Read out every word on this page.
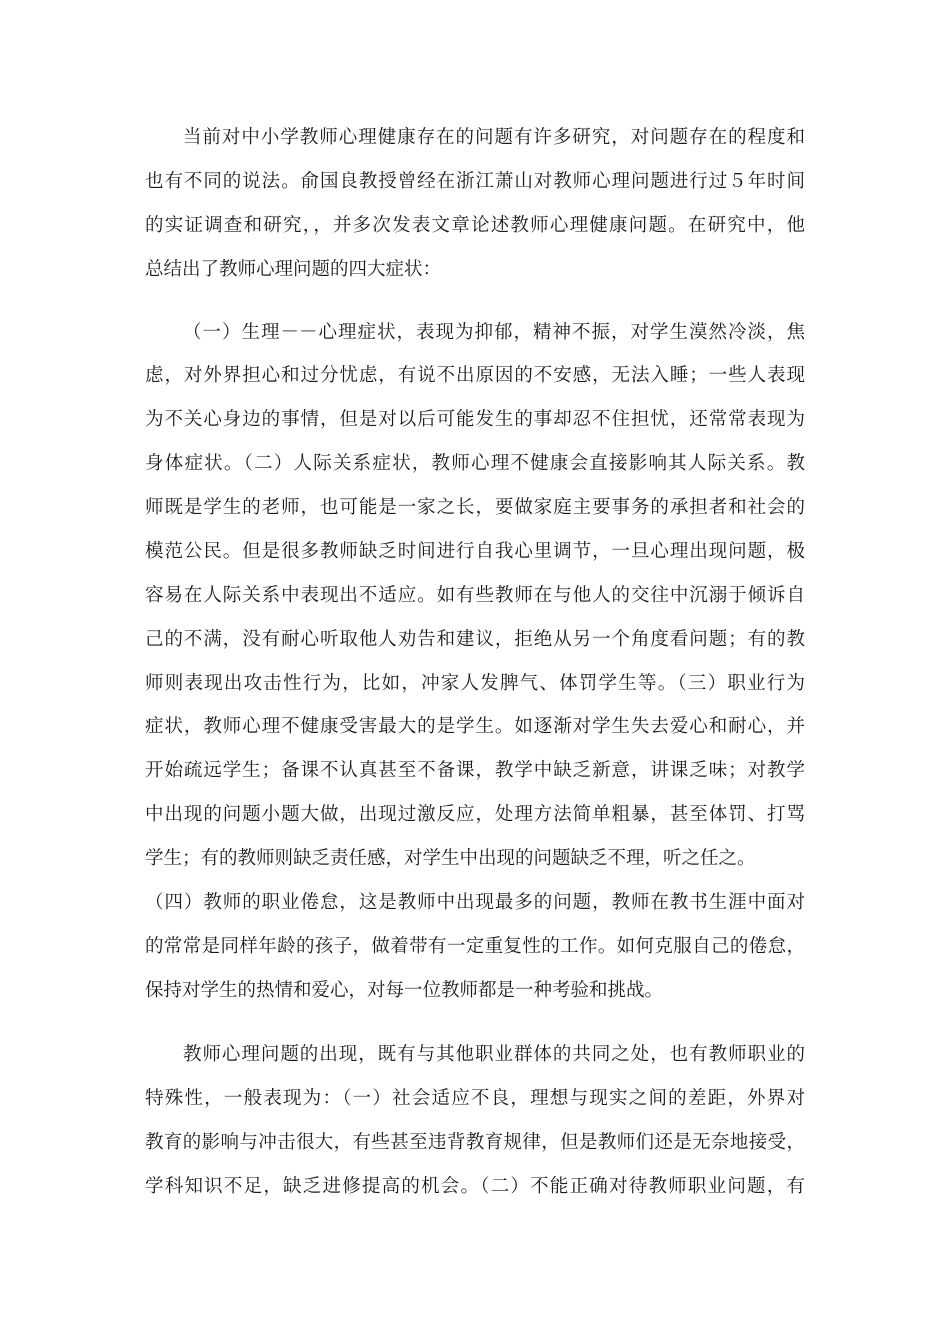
当前对中小学教师心理健康存在的问题有许多研究，对问题存在的程度和
也有不同的说法。俞国良教授曾经在浙江萧山对教师心理问题进行过５年时间
的实证调查和研究，，并多次发表文章论述教师心理健康问题。在研究中，他
总结出了教师心理问题的四大症状：
（一）生理－－心理症状，表现为抑郁，精神不振，对学生漠然冷淡，焦
虑，对外界担心和过分忧虑，有说不出原因的不安感，无法入睡；一些人表现
为不关心身边的事情，但是对以后可能发生的事却忍不住担忧，还常常表现为
身体症状。（二）人际关系症状，教师心理不健康会直接影响其人际关系。教
师既是学生的老师，也可能是一家之长，要做家庭主要事务的承担者和社会的
模范公民。但是很多教师缺乏时间进行自我心里调节，一旦心理出现问题，极
容易在人际关系中表现出不适应。如有些教师在与他人的交往中沉溺于倾诉自
己的不满，没有耐心听取他人劝告和建议，拒绝从另一个角度看问题；有的教
师则表现出攻击性行为，比如，冲家人发脾气、体罚学生等。（三）职业行为
症状，教师心理不健康受害最大的是学生。如逐渐对学生失去爱心和耐心，并
开始疏远学生；备课不认真甚至不备课，教学中缺乏新意，讲课乏味；对教学
中出现的问题小题大做，出现过激反应，处理方法简单粗暴，甚至体罚、打骂
学生；有的教师则缺乏责任感，对学生中出现的问题缺乏不理，听之任之。
（四）教师的职业倦怠，这是教师中出现最多的问题，教师在教书生涯中面对
的常常是同样年龄的孩子，做着带有一定重复性的工作。如何克服自己的倦怠，
保持对学生的热情和爱心，对每一位教师都是一种考验和挑战。
教师心理问题的出现，既有与其他职业群体的共同之处，也有教师职业的
特殊性，一般表现为：（一）社会适应不良，理想与现实之间的差距，外界对
教育的影响与冲击很大，有些甚至违背教育规律，但是教师们还是无奈地接受，
学科知识不足，缺乏进修提高的机会。（二）不能正确对待教师职业问题，有
